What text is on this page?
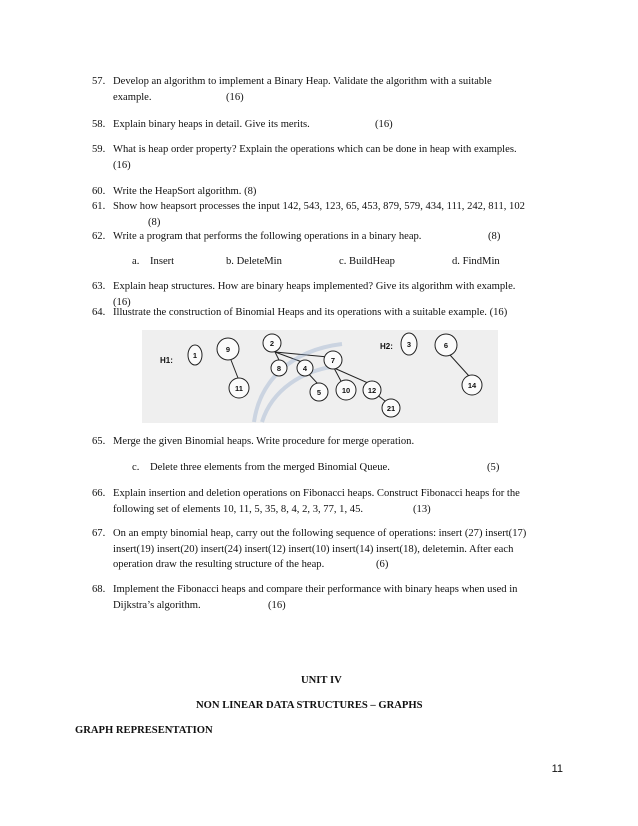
57. Develop an algorithm to implement a Binary Heap. Validate the algorithm with a suitable
example.	(16)
58. Explain binary heaps in detail. Give its merits.	(16)
59. What is heap order property? Explain the operations which can be done in heap with examples.
(16)
60. Write the HeapSort algorithm. (8)
61. Show how heapsort processes the input 142, 543, 123, 65, 453, 879, 579, 434, 111, 242, 811, 102
(8)
62. Write a program that performs the following operations in a binary heap.	(8)
a. Insert	b. DeleteMin	c. BuildHeap	d. FindMin
63. Explain heap structures. How are binary heaps implemented? Give its algorithm with example.
(16)
64. Illustrate the construction of Binomial Heaps and its operations with a suitable example. (16)
1
9
11
2
8	4
7
5	10 12
21
3	6
14
H1:
H2:
65. Merge the given Binomial heaps. Write procedure for merge operation.
c. Delete three elements from the merged Binomial Queue.	(5)
66. Explain insertion and deletion operations on Fibonacci heaps. Construct Fibonacci heaps for the
following set of elements 10, 11, 5, 35, 8, 4, 2, 3, 77, 1, 45.	(13)
67. On an empty binomial heap, carry out the following sequence of operations: insert (27) insert(17)
insert(19) insert(20) insert(24) insert(12) insert(10) insert(14) insert(18), deletemin. After each
operation draw the resulting structure of the heap.	(6)
68. Implement the Fibonacci heaps and compare their performance with binary heaps when used in
Dijkstra’s algorithm.	(16)
UNIT IV
NON LINEAR DATA STRUCTURES – GRAPHS
GRAPH REPRESENTATION
11
